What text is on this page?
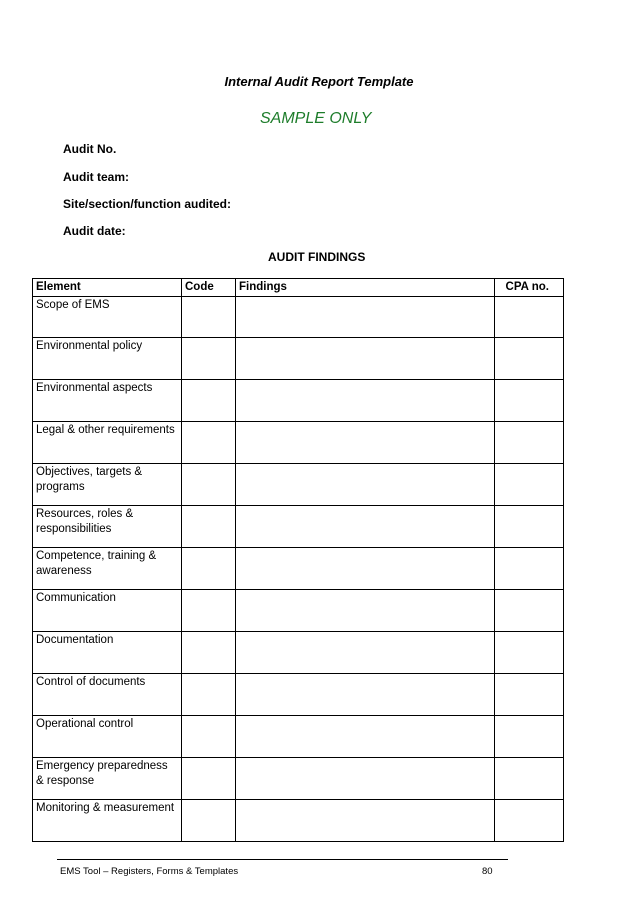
Internal Audit Report Template
SAMPLE ONLY
Audit No.
Audit team:
Site/section/function audited:
Audit date:
AUDIT FINDINGS
Element	Code	Findings	CPA no.
Scope of EMS			
Environmental policy			
Environmental aspects			
Legal & other requirements			
Objectives, targets & programs			
Resources, roles & responsibilities			
Competence, training & awareness			
Communication			
Documentation			
Control of documents			
Operational control			
Emergency preparedness & response			
Monitoring & measurement			
EMS Tool – Registers, Forms & Templates	80
